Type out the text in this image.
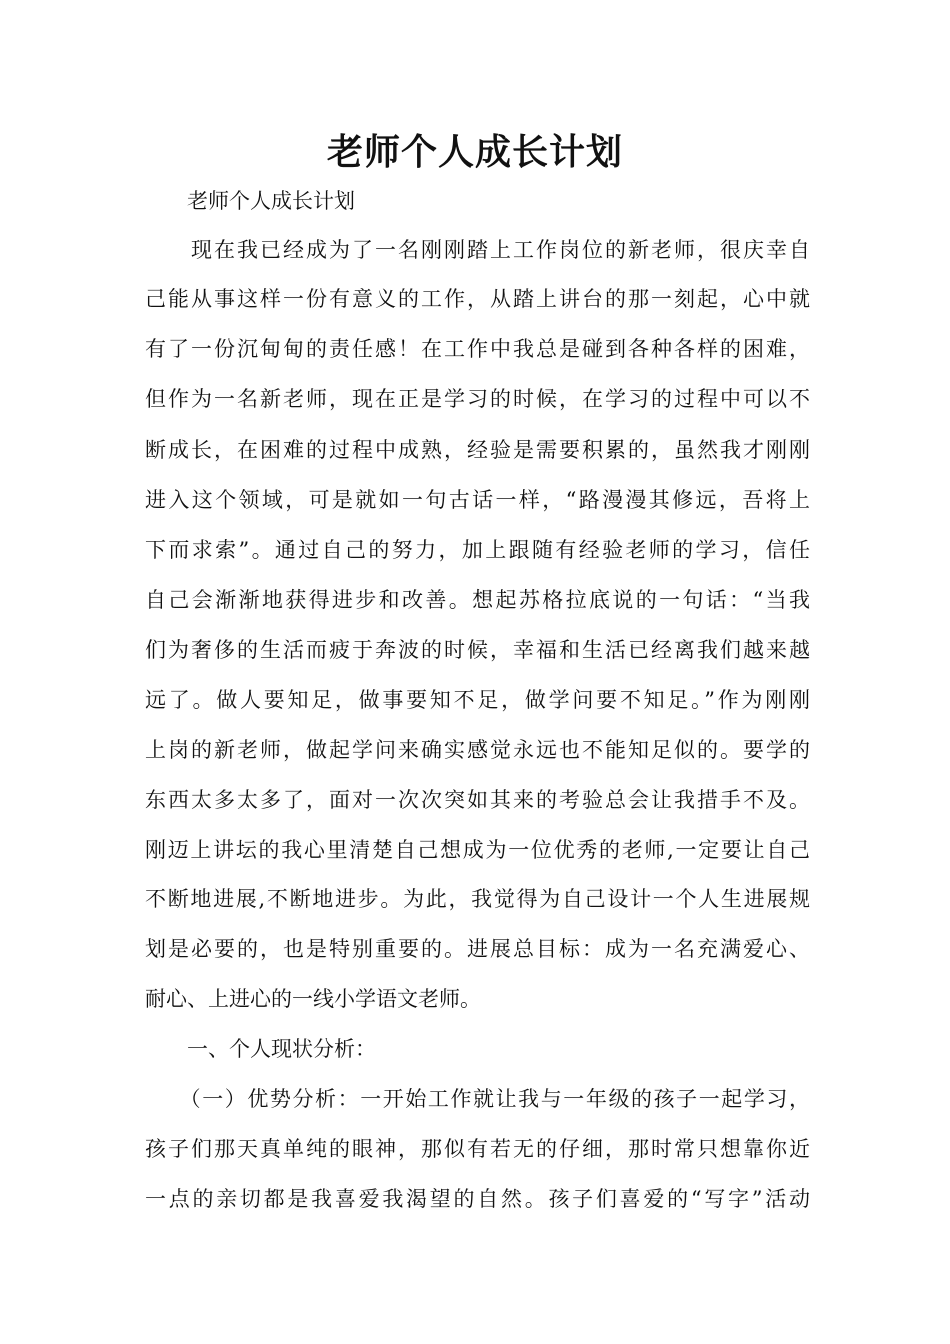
老师个人成长计划
　　老师个人成长计划
　　现在我已经成为了一名刚刚踏上工作岗位的新老师，很庆幸自
己能从事这样一份有意义的工作，从踏上讲台的那一刻起，心中就
有了一份沉甸甸的责任感！在工作中我总是碰到各种各样的困难，
但作为一名新老师，现在正是学习的时候，在学习的过程中可以不
断成长，在困难的过程中成熟，经验是需要积累的，虽然我才刚刚
进入这个领域，可是就如一句古话一样，“路漫漫其修远，吾将上
下而求索”。通过自己的努力，加上跟随有经验老师的学习，信任
自己会渐渐地获得进步和改善。想起苏格拉底说的一句话：“当我
们为奢侈的生活而疲于奔波的时候，幸福和生活已经离我们越来越
远了。做人要知足，做事要知不足，做学问要不知足。”作为刚刚
上岗的新老师，做起学问来确实感觉永远也不能知足似的。要学的
东西太多太多了，面对一次次突如其来的考验总会让我措手不及。
刚迈上讲坛的我心里清楚自己想成为一位优秀的老师,一定要让自己
不断地进展,不断地进步。为此，我觉得为自己设计一个人生进展规
划是必要的，也是特别重要的。进展总目标：成为一名充满爱心、
耐心、上进心的一线小学语文老师。
　　一、个人现状分析：
　　（一）优势分析：一开始工作就让我与一年级的孩子一起学习，
孩子们那天真单纯的眼神，那似有若无的仔细，那时常只想靠你近
一点的亲切都是我喜爱我渴望的自然。孩子们喜爱的“写字”活动
